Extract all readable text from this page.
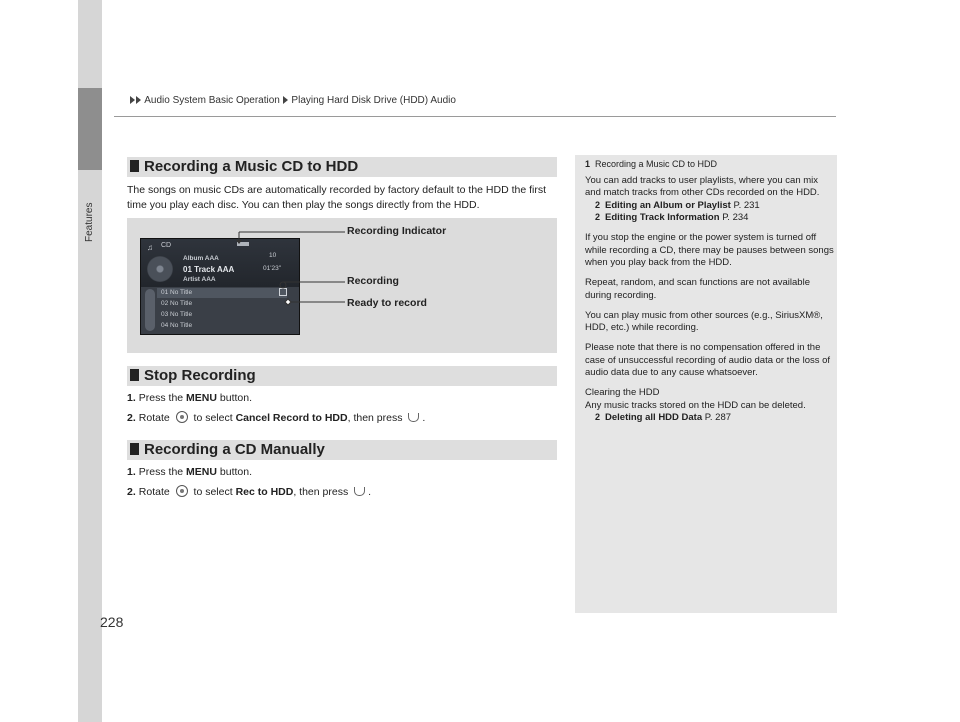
Features
Audio System Basic Operation Playing Hard Disk Drive (HDD) Audio
Recording a Music CD to HDD
The songs on music CDs are automatically recorded by factory default to the HDD the first time you play each disc. You can then play the songs directly from the HDD.
♫ CD
Album AAA
01 Track AAA
Artist AAA
10
01'23"
01 No Title
02 No Title
03 No Title
04 No Title
Recording Indicator
Recording
Ready to record
Stop Recording
1. Press the MENU button.
2. Rotate to select Cancel Record to HDD, then press .
Recording a CD Manually
1. Press the MENU button.
2. Rotate to select Rec to HDD, then press .
1 Recording a Music CD to HDD

You can add tracks to user playlists, where you can mix and match tracks from other CDs recorded on the HDD.
2 Editing an Album or Playlist P. 231
2 Editing Track Information P. 234

If you stop the engine or the power system is turned off while recording a CD, there may be pauses between songs when you play back from the HDD.

Repeat, random, and scan functions are not available during recording.

You can play music from other sources (e.g., SiriusXM®, HDD, etc.) while recording.

Please note that there is no compensation offered in the case of unsuccessful recording of audio data or the loss of audio data due to any cause whatsoever.

Clearing the HDD
Any music tracks stored on the HDD can be deleted.
2 Deleting all HDD Data P. 287

228
